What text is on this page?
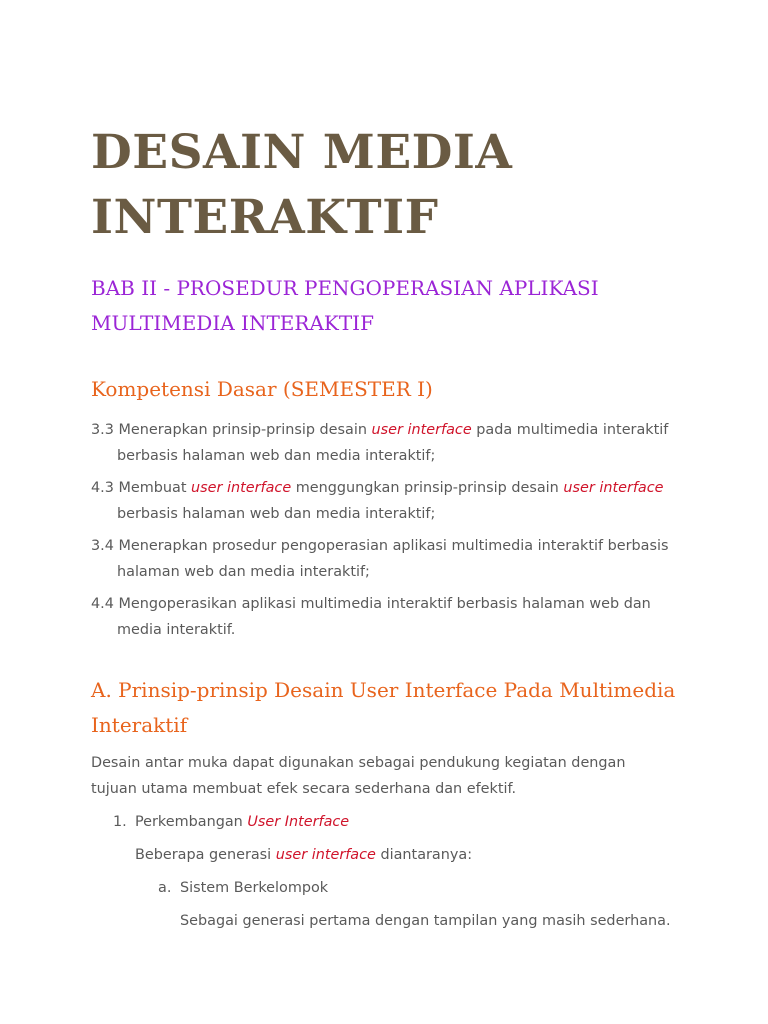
DESAIN MEDIA INTERAKTIF
BAB II - PROSEDUR PENGOPERASIAN APLIKASI MULTIMEDIA INTERAKTIF
Kompetensi Dasar (SEMESTER I)
3.3 Menerapkan prinsip-prinsip desain user interface pada multimedia interaktif berbasis halaman web dan media interaktif;
4.3 Membuat user interface menggungkan prinsip-prinsip desain user interface berbasis halaman web dan media interaktif;
3.4 Menerapkan prosedur pengoperasian aplikasi multimedia interaktif berbasis halaman web dan media interaktif;
4.4 Mengoperasikan aplikasi multimedia interaktif berbasis halaman web dan media interaktif.
A. Prinsip-prinsip Desain User Interface Pada Multimedia Interaktif

Desain antar muka dapat digunakan sebagai pendukung kegiatan dengan tujuan utama membuat efek secara sederhana dan efektif.

1. Perkembangan User Interface
Beberapa generasi user interface diantaranya:
a. Sistem Berkelompok
Sebagai generasi pertama dengan tampilan yang masih sederhana.
